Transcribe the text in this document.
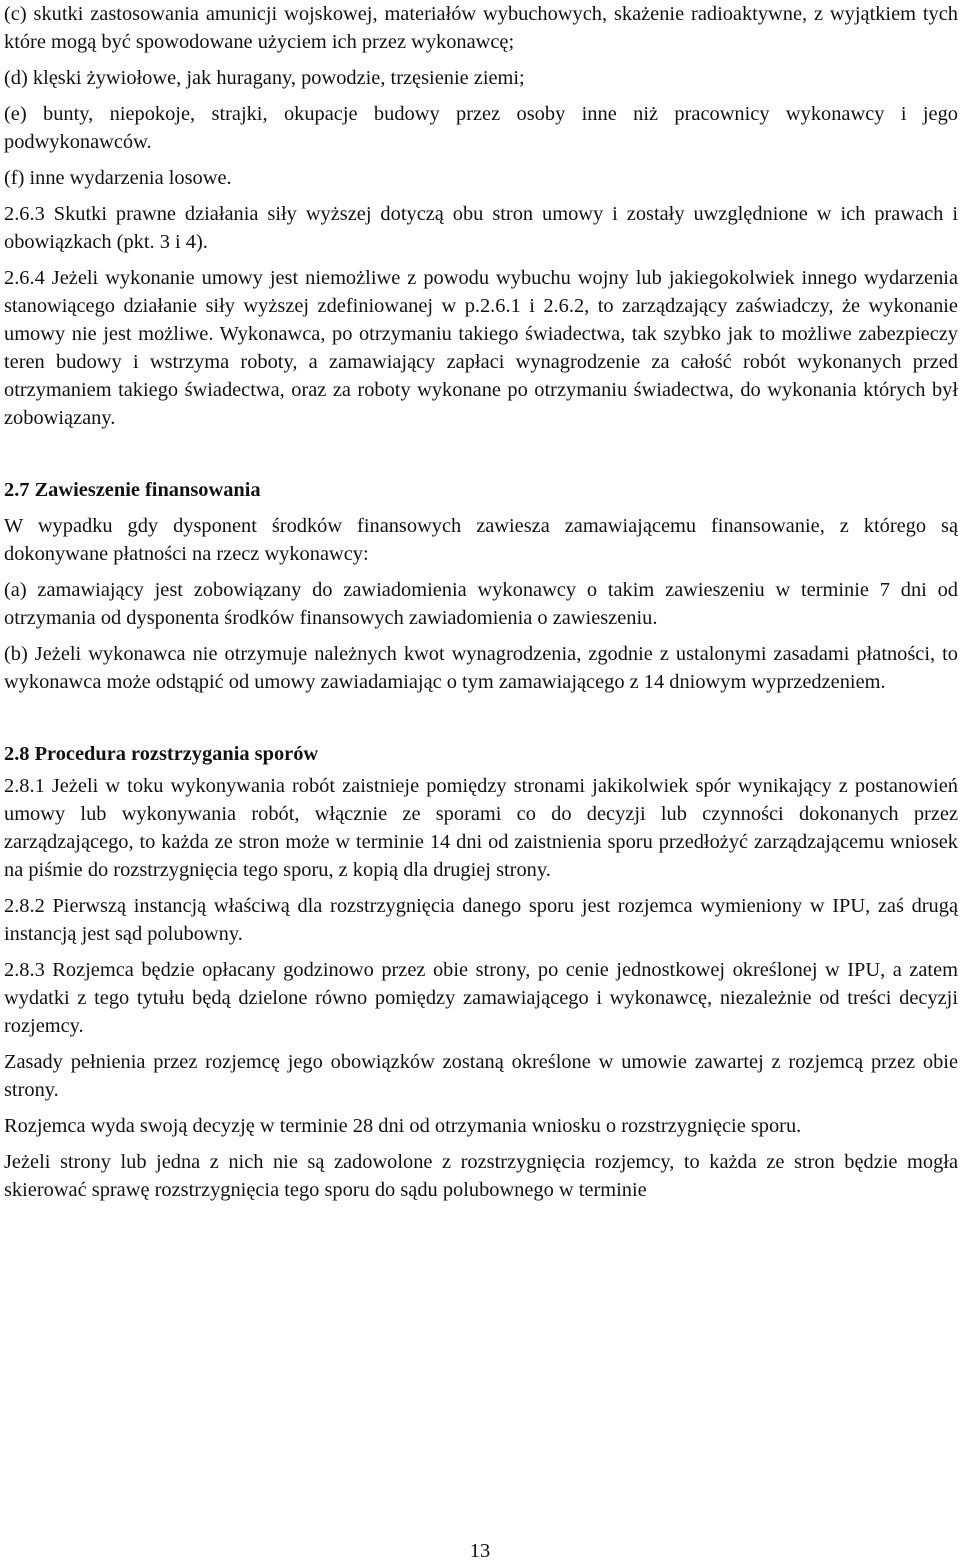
(c) skutki zastosowania amunicji wojskowej, materiałów wybuchowych, skażenie radioaktywne, z wyjątkiem tych które mogą być spowodowane użyciem ich przez wykonawcę;

(d) klęski żywiołowe, jak huragany, powodzie, trzęsienie ziemi;

(e) bunty, niepokoje, strajki, okupacje budowy przez osoby inne niż pracownicy wykonawcy i jego podwykonawców.

(f) inne wydarzenia losowe.

2.6.3 Skutki prawne działania siły wyższej dotyczą obu stron umowy i zostały uwzględnione w ich prawach i obowiązkach (pkt. 3 i 4).

2.6.4 Jeżeli wykonanie umowy jest niemożliwe z powodu wybuchu wojny lub jakiegokolwiek innego wydarzenia stanowiącego działanie siły wyższej zdefiniowanej w p.2.6.1 i 2.6.2, to zarządzający zaświadczy, że wykonanie umowy nie jest możliwe. Wykonawca, po otrzymaniu takiego świadectwa, tak szybko jak to możliwe zabezpieczy teren budowy i wstrzyma roboty, a zamawiający zapłaci wynagrodzenie za całość robót wykonanych przed otrzymaniem takiego świadectwa, oraz za roboty wykonane po otrzymaniu świadectwa, do wykonania których był zobowiązany.

2.7 Zawieszenie finansowania

W wypadku gdy dysponent środków finansowych zawiesza zamawiającemu finansowanie, z którego są dokonywane płatności na rzecz wykonawcy:

(a) zamawiający jest zobowiązany do zawiadomienia wykonawcy o takim zawieszeniu w terminie 7 dni od otrzymania od dysponenta środków finansowych zawiadomienia o zawieszeniu.

(b) Jeżeli wykonawca nie otrzymuje należnych kwot wynagrodzenia, zgodnie z ustalonymi zasadami płatności, to wykonawca może odstąpić od umowy zawiadamiając o tym zamawiającego z 14 dniowym wyprzedzeniem.

2.8 Procedura rozstrzygania sporów

2.8.1 Jeżeli w toku wykonywania robót zaistnieje pomiędzy stronami jakikolwiek spór wynikający z postanowień umowy lub wykonywania robót, włącznie ze sporami co do decyzji lub czynności dokonanych przez zarządzającego, to każda ze stron może w terminie 14 dni od zaistnienia sporu przedłożyć zarządzającemu wniosek na piśmie do rozstrzygnięcia tego sporu, z kopią dla drugiej strony.

2.8.2 Pierwszą instancją właściwą dla rozstrzygnięcia danego sporu jest rozjemca wymieniony w IPU, zaś drugą instancją jest sąd polubowny.

2.8.3 Rozjemca będzie opłacany godzinowo przez obie strony, po cenie jednostkowej określonej w IPU, a zatem wydatki z tego tytułu będą dzielone równo pomiędzy zamawiającego i wykonawcę, niezależnie od treści decyzji rozjemcy.

Zasady pełnienia przez rozjemcę jego obowiązków zostaną określone w umowie zawartej z rozjemcą przez obie strony.

Rozjemca wyda swoją decyzję w terminie 28 dni od otrzymania wniosku o rozstrzygnięcie sporu.

Jeżeli strony lub jedna z nich nie są zadowolone z rozstrzygnięcia rozjemcy, to każda ze stron będzie mogła skierować sprawę rozstrzygnięcia tego sporu do sądu polubownego w terminie

13
